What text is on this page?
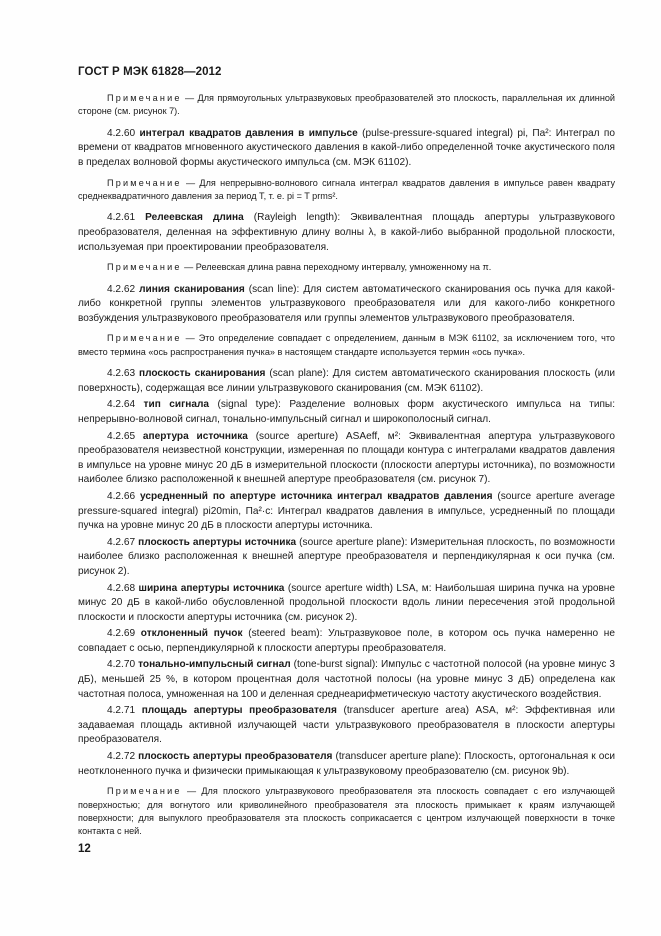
ГОСТ Р МЭК 61828—2012

Примечание — Для прямоугольных ультразвуковых преобразователей это плоскость, параллельная их длинной стороне (см. рисунок 7).

4.2.60 интеграл квадратов давления в импульсе (pulse-pressure-squared integral) pi, Па²: Интеграл по времени от квадратов мгновенного акустического давления в какой-либо определенной точке акустического поля в пределах волновой формы акустического импульса (см. МЭК 61102).

Примечание — Для непрерывно-волнового сигнала интеграл квадратов давления в импульсе равен квадрату среднеквадратичного давления за период T, т. е. pi = T prms².

4.2.61 Релеевская длина (Rayleigh length): Эквивалентная площадь апертуры ультразвукового преобразователя, деленная на эффективную длину волны λ, в какой-либо выбранной продольной плоскости, используемая при проектировании преобразователя.

Примечание — Релеевская длина равна переходному интервалу, умноженному на π.

4.2.62 линия сканирования (scan line): Для систем автоматического сканирования ось пучка для какой-либо конкретной группы элементов ультразвукового преобразователя или для какого-либо конкретного возбуждения ультразвукового преобразователя или группы элементов ультразвукового преобразователя.

Примечание — Это определение совпадает с определением, данным в МЭК 61102, за исключением того, что вместо термина «ось распространения пучка» в настоящем стандарте используется термин «ось пучка».

4.2.63 плоскость сканирования (scan plane): Для систем автоматического сканирования плоскость (или поверхность), содержащая все линии ультразвукового сканирования (см. МЭК 61102).

4.2.64 тип сигнала (signal type): Разделение волновых форм акустического импульса на типы: непрерывно-волновой сигнал, тонально-импульсный сигнал и широкополосный сигнал.

4.2.65 апертура источника (source aperture) ASAeff, м²: Эквивалентная апертура ультразвукового преобразователя неизвестной конструкции, измеренная по площади контура с интегралами квадратов давления в импульсе на уровне минус 20 дБ в измерительной плоскости (плоскости апертуры источника), по возможности наиболее близко расположенной к внешней апертуре преобразователя (см. рисунок 7).

4.2.66 усредненный по апертуре источника интеграл квадратов давления (source aperture average pressure-squared integral) pi20min, Па²·с: Интеграл квадратов давления в импульсе, усредненный по площади пучка на уровне минус 20 дБ в плоскости апертуры источника.

4.2.67 плоскость апертуры источника (source aperture plane): Измерительная плоскость, по возможности наиболее близко расположенная к внешней апертуре преобразователя и перпендикулярная к оси пучка (см. рисунок 2).

4.2.68 ширина апертуры источника (source aperture width) LSA, м: Наибольшая ширина пучка на уровне минус 20 дБ в какой-либо обусловленной продольной плоскости вдоль линии пересечения этой продольной плоскости и плоскости апертуры источника (см. рисунок 2).

4.2.69 отклоненный пучок (steered beam): Ультразвуковое поле, в котором ось пучка намеренно не совпадает с осью, перпендикулярной к плоскости апертуры преобразователя.

4.2.70 тонально-импульсный сигнал (tone-burst signal): Импульс с частотной полосой (на уровне минус 3 дБ), меньшей 25 %, в котором процентная доля частотной полосы (на уровне минус 3 дБ) определена как частотная полоса, умноженная на 100 и деленная среднеарифметическую частоту акустического воздействия.

4.2.71 площадь апертуры преобразователя (transducer aperture area) ASA, м²: Эффективная или задаваемая площадь активной излучающей части ультразвукового преобразователя в плоскости апертуры преобразователя.

4.2.72 плоскость апертуры преобразователя (transducer aperture plane): Плоскость, ортогональная к оси неотклоненного пучка и физически примыкающая к ультразвуковому преобразователю (см. рисунок 9b).

Примечание — Для плоского ультразвукового преобразователя эта плоскость совпадает с его излучающей поверхностью; для вогнутого или криволинейного преобразователя эта плоскость примыкает к краям излучающей поверхности; для выпуклого преобразователя эта плоскость соприкасается с центром излучающей поверхности в точке контакта с ней.

12
